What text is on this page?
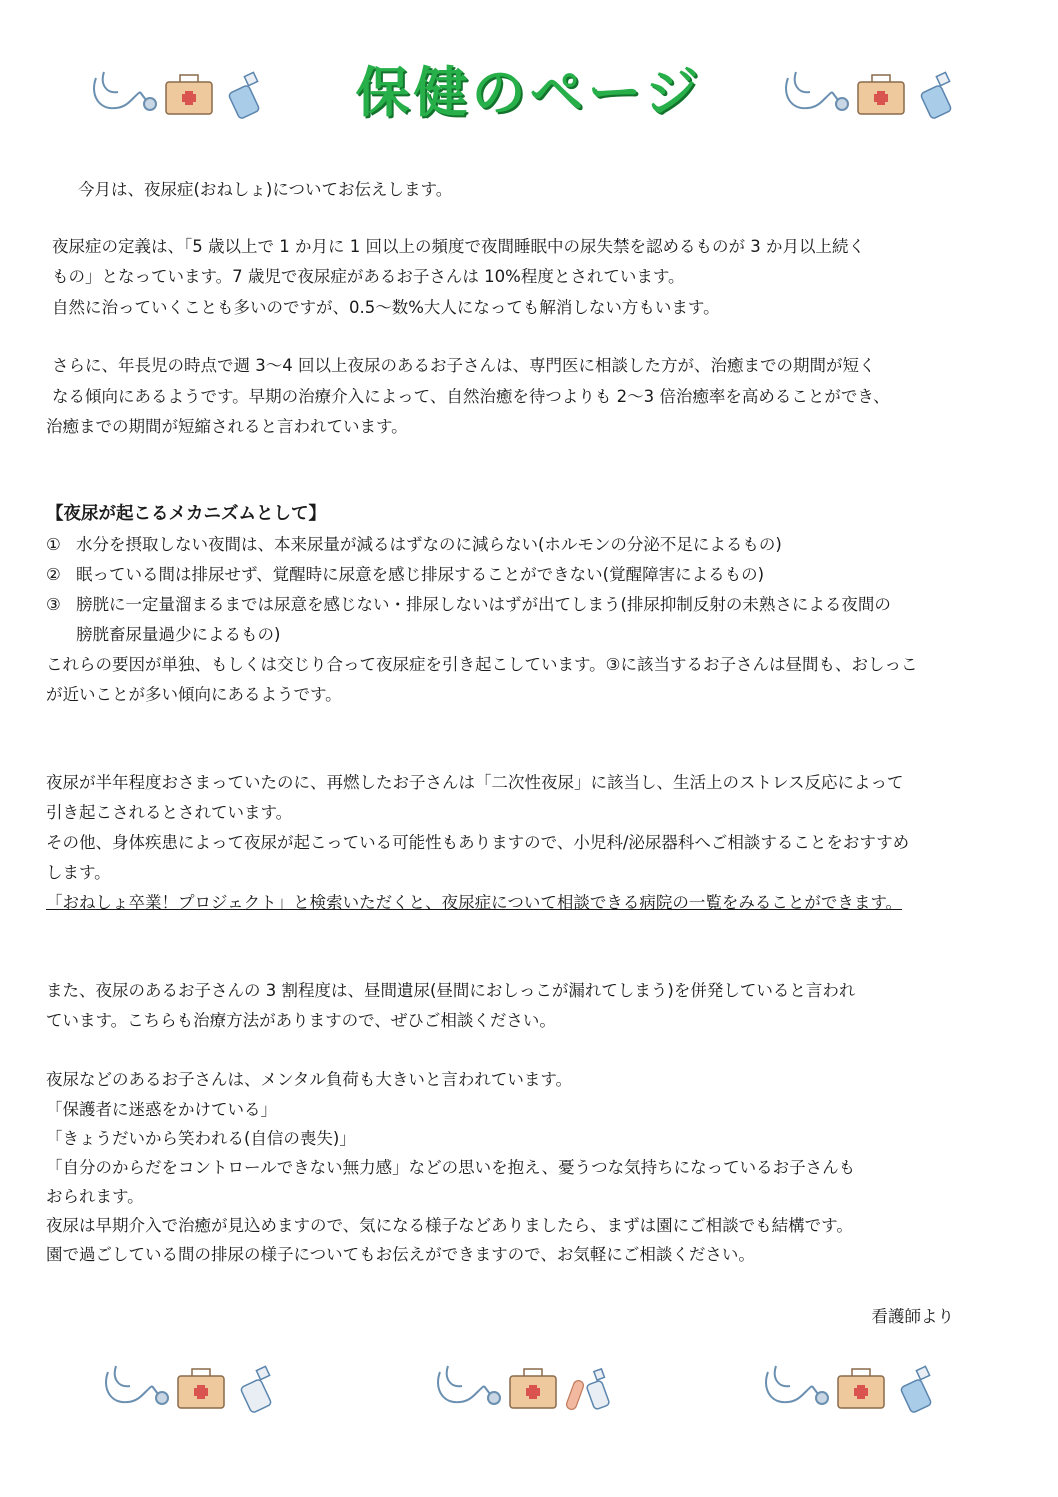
保健のページ
今月は、夜尿症(おねしょ)についてお伝えします。
夜尿症の定義は、「5 歳以上で 1 か月に 1 回以上の頻度で夜間睡眠中の尿失禁を認めるものが 3 か月以上続く
もの」となっています。7 歳児で夜尿症があるお子さんは 10%程度とされています。
自然に治っていくことも多いのですが、0.5～数%大人になっても解消しない方もいます。
さらに、年長児の時点で週 3～4 回以上夜尿のあるお子さんは、専門医に相談した方が、治癒までの期間が短く
なる傾向にあるようです。早期の治療介入によって、自然治癒を待つよりも 2～3 倍治癒率を高めることができ、
治癒までの期間が短縮されると言われています。
【夜尿が起こるメカニズムとして】
① 水分を摂取しない夜間は、本来尿量が減るはずなのに減らない(ホルモンの分泌不足によるもの)
② 眠っている間は排尿せず、覚醒時に尿意を感じ排尿することができない(覚醒障害によるもの)
③ 膀胱に一定量溜まるまでは尿意を感じない・排尿しないはずが出てしまう(排尿抑制反射の未熟さによる夜間の
膀胱畜尿量過少によるもの)
これらの要因が単独、もしくは交じり合って夜尿症を引き起こしています。③に該当するお子さんは昼間も、おしっこ
が近いことが多い傾向にあるようです。
夜尿が半年程度おさまっていたのに、再燃したお子さんは「二次性夜尿」に該当し、生活上のストレス反応によって
引き起こされるとされています。
その他、身体疾患によって夜尿が起こっている可能性もありますので、小児科/泌尿器科へご相談することをおすすめ
します。
「おねしょ卒業！プロジェクト」と検索いただくと、夜尿症について相談できる病院の一覧をみることができます。
また、夜尿のあるお子さんの 3 割程度は、昼間遺尿(昼間におしっこが漏れてしまう)を併発していると言われ
ています。こちらも治療方法がありますので、ぜひご相談ください。
夜尿などのあるお子さんは、メンタル負荷も大きいと言われています。
「保護者に迷惑をかけている」
「きょうだいから笑われる(自信の喪失)」
「自分のからだをコントロールできない無力感」などの思いを抱え、憂うつな気持ちになっているお子さんも
おられます。
夜尿は早期介入で治癒が見込めますので、気になる様子などありましたら、まずは園にご相談でも結構です。
園で過ごしている間の排尿の様子についてもお伝えができますので、お気軽にご相談ください。
看護師より
